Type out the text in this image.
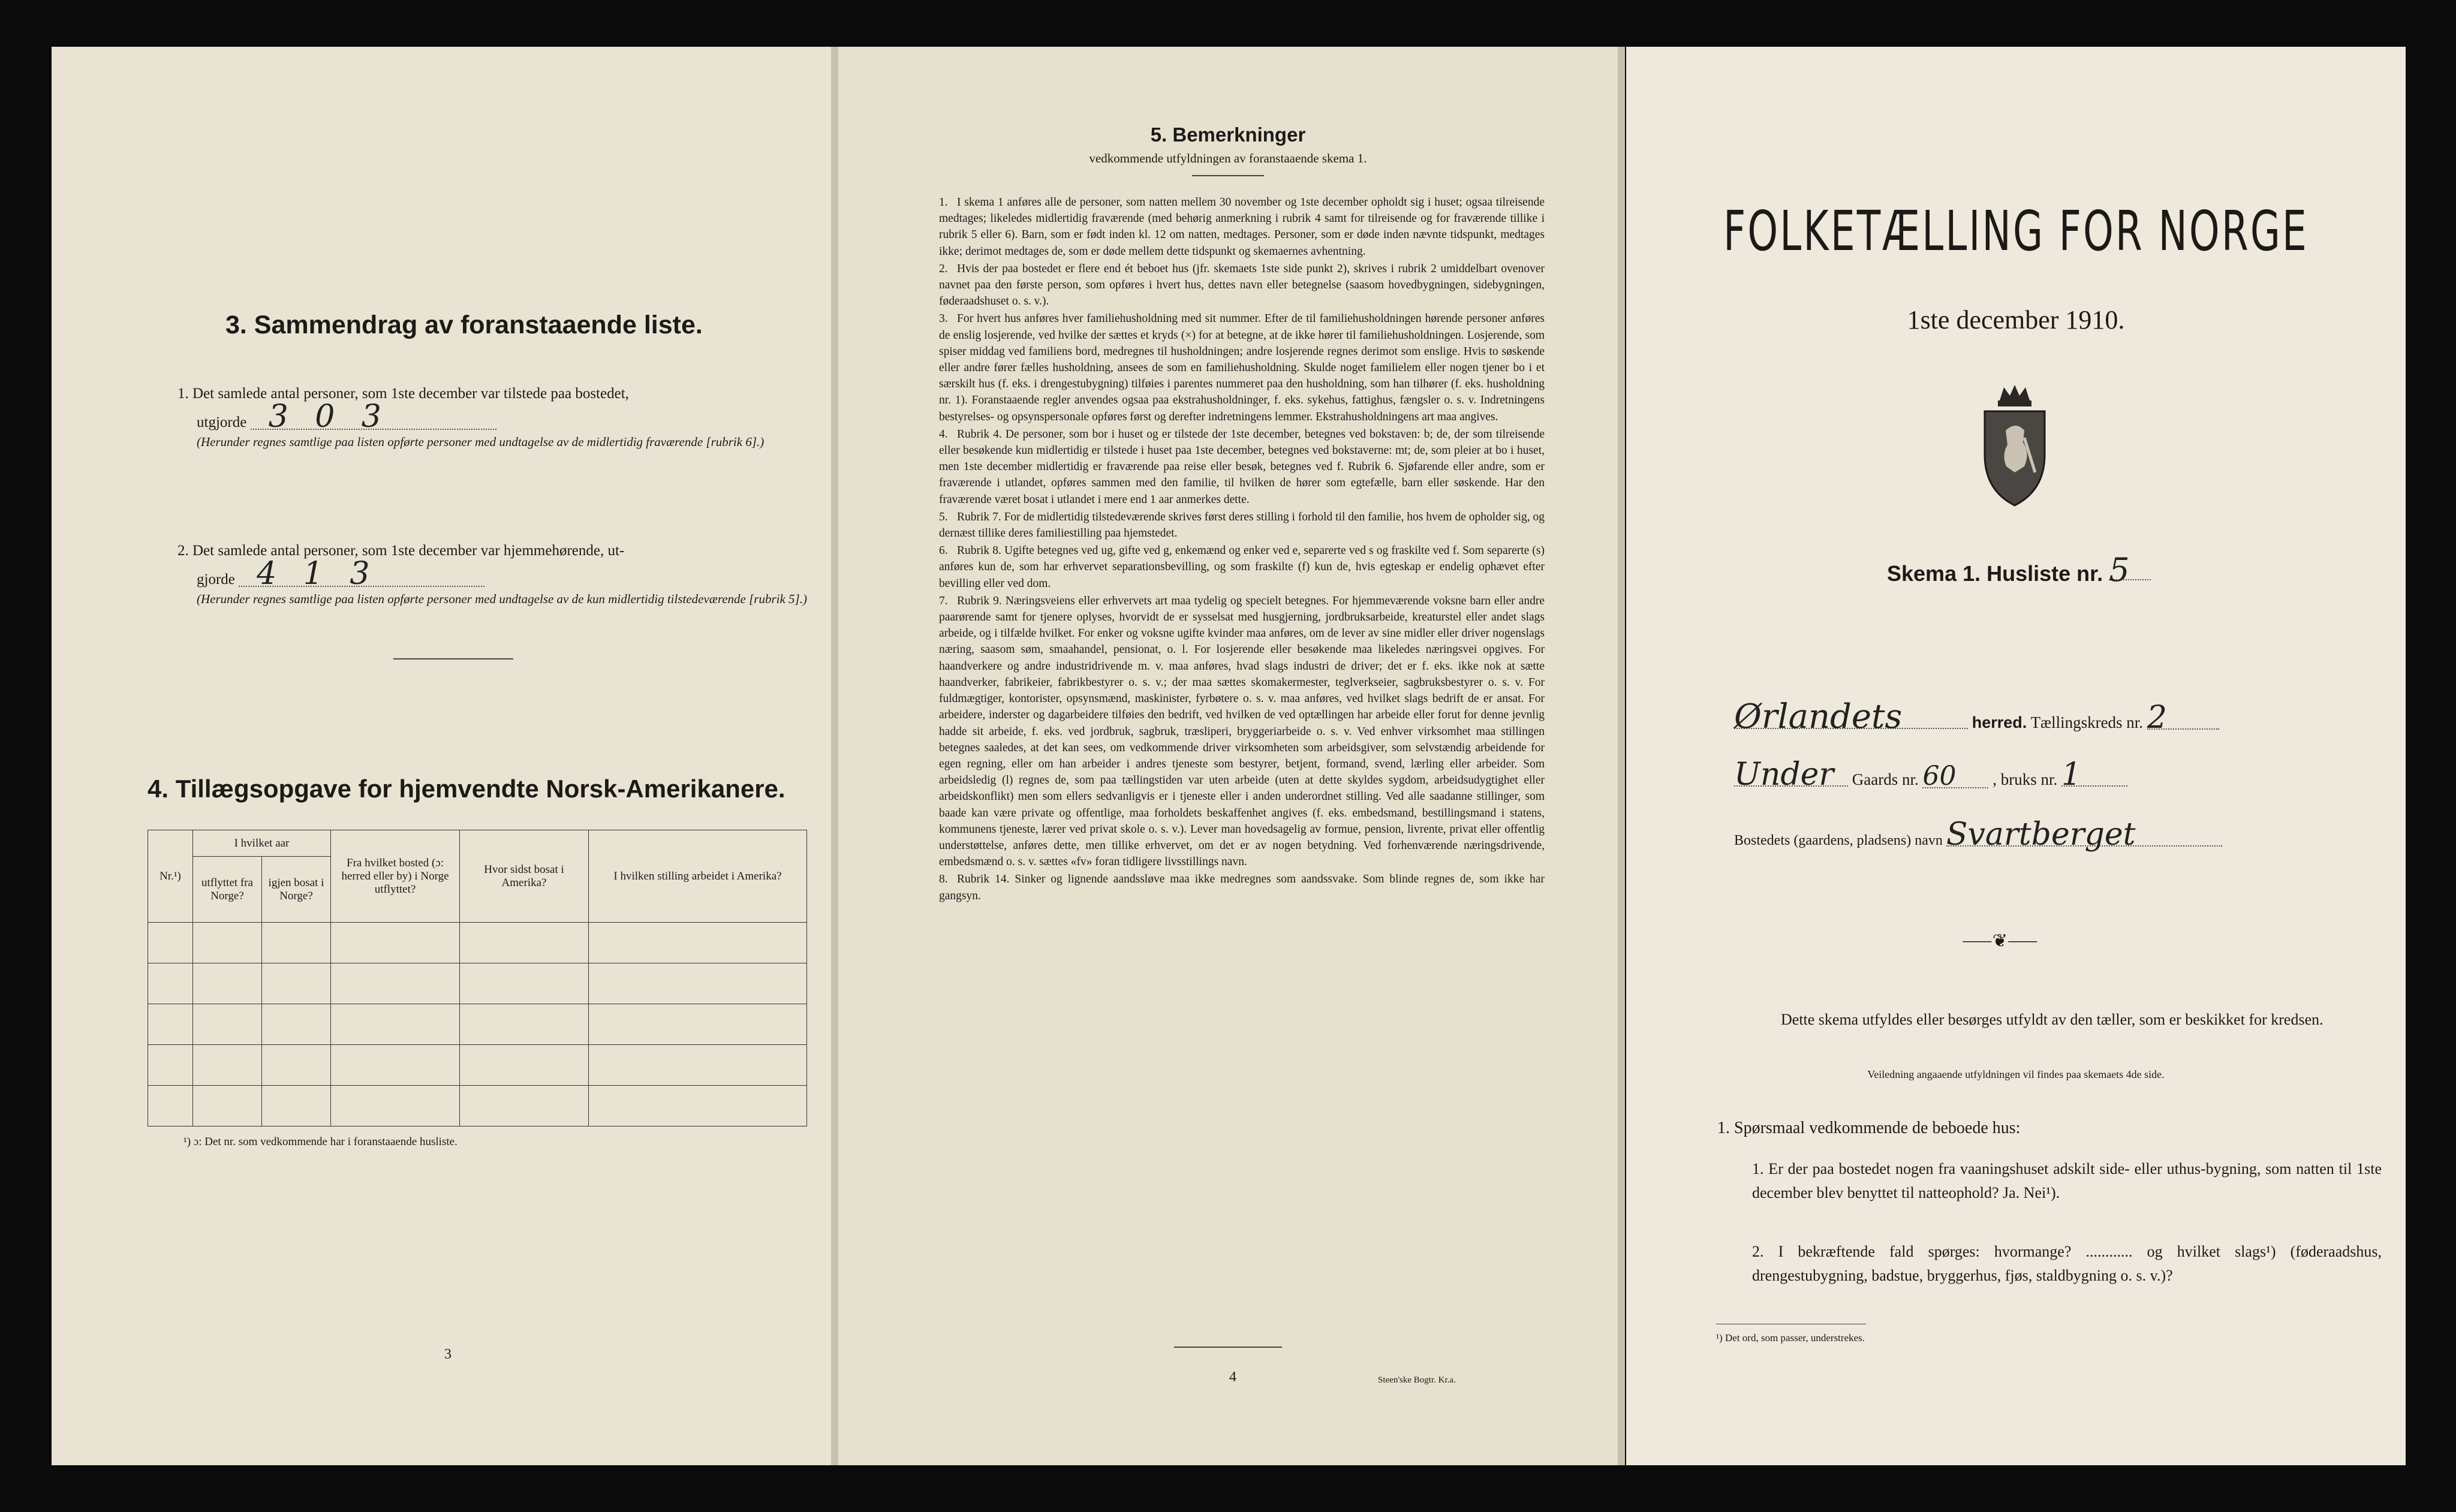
3. Sammendrag av foranstaaende liste.
1. Det samlede antal personer, som 1ste december var tilstede paa bostedet,
utgjorde 3 0 3
(Herunder regnes samtlige paa listen opførte personer med undtagelse av de midlertidig fraværende [rubrik 6].)
2. Det samlede antal personer, som 1ste december var hjemmehørende, ut-
gjorde 4 1 3
(Herunder regnes samtlige paa listen opførte personer med undtagelse av de kun midlertidig tilstedeværende [rubrik 5].)
4. Tillægsopgave for hjemvendte Norsk-Amerikanere.
Nr.¹)	I hvilket aar		Fra hvilket bosted (ɔ: herred eller by) i Norge utflyttet?	Hvor sidst bosat i Amerika?	I hvilken stilling arbeidet i Amerika?
	utflyttet fra Norge?	igjen bosat i Norge?			

¹) ɔ: Det nr. som vedkommende har i foranstaaende husliste.
3
5. Bemerkninger
vedkommende utfyldningen av foranstaaende skema 1.
1. I skema 1 anføres alle de personer, som natten mellem 30 november og 1ste december opholdt sig i huset; ogsaa tilreisende medtages; likeledes midlertidig fraværende (med behørig anmerkning i rubrik 4 samt for tilreisende og for fraværende tillike i rubrik 5 eller 6). Barn, som er født inden kl. 12 om natten, medtages. Personer, som er døde inden nævnte tidspunkt, medtages ikke; derimot medtages de, som er døde mellem dette tidspunkt og skemaernes avhentning.
2. Hvis der paa bostedet er flere end ét beboet hus (jfr. skemaets 1ste side punkt 2), skrives i rubrik 2 umiddelbart ovenover navnet paa den første person, som opføres i hvert hus, dettes navn eller betegnelse (saasom hovedbygningen, sidebygningen, føderaadshuset o. s. v.).
3. For hvert hus anføres hver familiehusholdning med sit nummer. Efter de til familiehusholdningen hørende personer anføres de enslig losjerende, ved hvilke der sættes et kryds (×) for at betegne, at de ikke hører til familiehusholdningen. Losjerende, som spiser middag ved familiens bord, medregnes til husholdningen; andre losjerende regnes derimot som enslige. Hvis to søskende eller andre fører fælles husholdning, ansees de som en familiehusholdning. Skulde noget familielem eller nogen tjener bo i et særskilt hus (f. eks. i drengestubygning) tilføies i parentes nummeret paa den husholdning, som han tilhører (f. eks. husholdning nr. 1). Foranstaaende regler anvendes ogsaa paa ekstrahusholdninger, f. eks. sykehus, fattighus, fængsler o. s. v. Indretningens bestyrelses- og opsynspersonale opføres først og derefter indretningens lemmer. Ekstrahusholdningens art maa angives.
4. Rubrik 4. De personer, som bor i huset og er tilstede der 1ste december, betegnes ved bokstaven: b; de, der som tilreisende eller besøkende kun midlertidig er tilstede i huset paa 1ste december, betegnes ved bokstaverne: mt; de, som pleier at bo i huset, men 1ste december midlertidig er fraværende paa reise eller besøk, betegnes ved f. Rubrik 6. Sjøfarende eller andre, som er fraværende i utlandet, opføres sammen med den familie, til hvilken de hører som egtefælle, barn eller søskende. Har den fraværende været bosat i utlandet i mere end 1 aar anmerkes dette.
5. Rubrik 7. For de midlertidig tilstedeværende skrives først deres stilling i forhold til den familie, hos hvem de opholder sig, og dernæst tillike deres familiestilling paa hjemstedet.
6. Rubrik 8. Ugifte betegnes ved ug, gifte ved g, enkemænd og enker ved e, separerte ved s og fraskilte ved f. Som separerte (s) anføres kun de, som har erhvervet separationsbevilling, og som fraskilte (f) kun de, hvis egteskap er endelig ophævet efter bevilling eller ved dom.
7. Rubrik 9. Næringsveiens eller erhvervets art maa tydelig og specielt betegnes. For hjemmeværende voksne barn eller andre paarørende samt for tjenere oplyses, hvorvidt de er sysselsat med husgjerning, jordbruksarbeide, kreaturstel eller andet slags arbeide, og i tilfælde hvilket. For enker og voksne ugifte kvinder maa anføres, om de lever av sine midler eller driver nogenslags næring, saasom søm, smaahandel, pensionat, o. l. For losjerende eller besøkende maa likeledes næringsvei opgives. For haandverkere og andre industridrivende m. v. maa anføres, hvad slags industri de driver; det er f. eks. ikke nok at sætte haandverker, fabrikeier, fabrikbestyrer o. s. v.; der maa sættes skomakermester, teglverkseier, sagbruksbestyrer o. s. v. For fuldmægtiger, kontorister, opsynsmænd, maskinister, fyrbøtere o. s. v. maa anføres, ved hvilket slags bedrift de er ansat. For arbeidere, inderster og dagarbeidere tilføies den bedrift, ved hvilken de ved optællingen har arbeide eller forut for denne jevnlig hadde sit arbeide, f. eks. ved jordbruk, sagbruk, træsliperi, bryggeriarbeide o. s. v. Ved enhver virksomhet maa stillingen betegnes saaledes, at det kan sees, om vedkommende driver virksomheten som arbeidsgiver, som selvstændig arbeidende for egen regning, eller om han arbeider i andres tjeneste som bestyrer, betjent, formand, svend, lærling eller arbeider. Som arbeidsledig (l) regnes de, som paa tællingstiden var uten arbeide (uten at dette skyldes sygdom, arbeidsudygtighet eller arbeidskonflikt) men som ellers sedvanligvis er i tjeneste eller i anden underordnet stilling. Ved alle saadanne stillinger, som baade kan være private og offentlige, maa forholdets beskaffenhet angives (f. eks. embedsmand, bestillingsmand i statens, kommunens tjeneste, lærer ved privat skole o. s. v.). Lever man hovedsagelig av formue, pension, livrente, privat eller offentlig understøttelse, anføres dette, men tillike erhvervet, om det er av nogen betydning. Ved forhenværende næringsdrivende, embedsmænd o. s. v. sættes «fv» foran tidligere livsstillings navn.
8. Rubrik 14. Sinker og lignende aandssløve maa ikke medregnes som aandssvake. Som blinde regnes de, som ikke har gangsyn.
4	Steen'ske Bogtr. Kr.a.
FOLKETÆLLING FOR NORGE
1ste december 1910.
Skema 1. Husliste nr. 5
Ørlandets	herred. Tællingskreds nr. 2
Under Gaards nr. 60 , bruks nr. 1
Bostedets (gaardens, pladsens) navn Svartberget
⸺❦⸺
Dette skema utfyldes eller besørges utfyldt av den tæller, som er beskikket for kredsen.
Veiledning angaaende utfyldningen vil findes paa skemaets 4de side.
1. Spørsmaal vedkommende de beboede hus:
1. Er der paa bostedet nogen fra vaaningshuset adskilt side- eller uthus-bygning, som natten til 1ste december blev benyttet til natteophold? Ja. Nei¹).
2. I bekræftende fald spørges: hvormange? ............ og hvilket slags¹) (føderaadshus, drengestubygning, badstue, bryggerhus, fjøs, staldbygning o. s. v.)?
¹) Det ord, som passer, understrekes.
